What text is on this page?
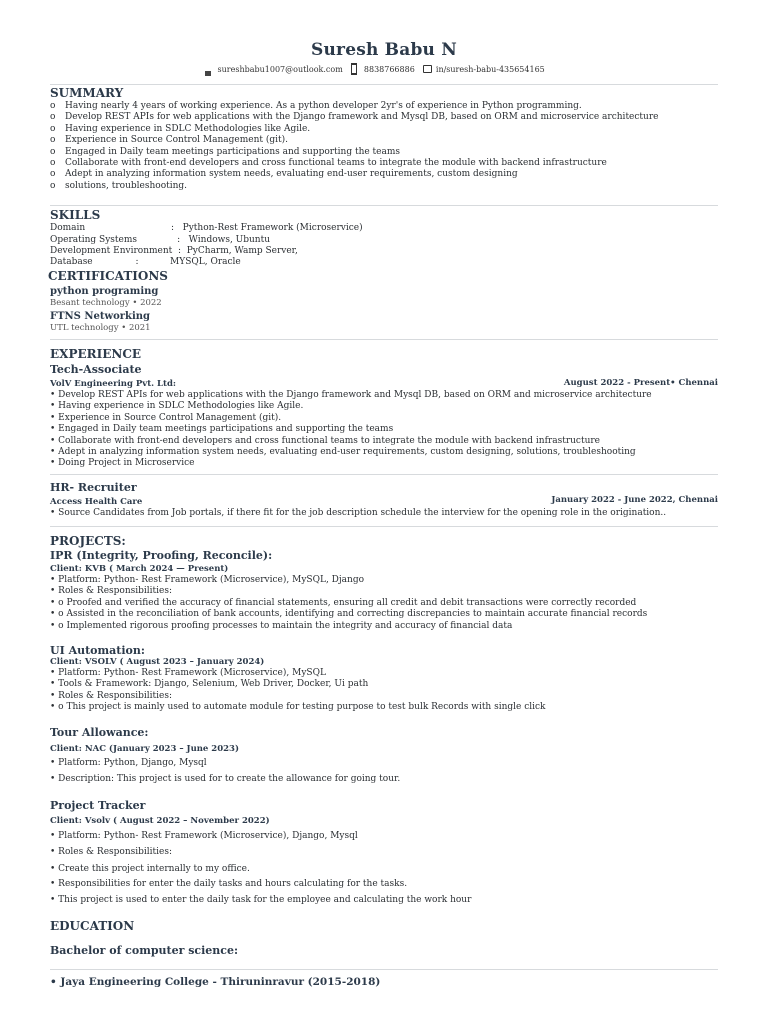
Suresh Babu N
sureshbabu1007@outlook.com	8838766886	in/suresh-babu-435654165
SUMMARY
o Having nearly 4 years of working experience. As a python developer 2yr's of experience in Python programming.
o Develop REST APIs for web applications with the Django framework and Mysql DB, based on ORM and microservice architecture
o Having experience in SDLC Methodologies like Agile.
o Experience in Source Control Management (git).
o Engaged in Daily team meetings participations and supporting the teams
o Collaborate with front-end developers and cross functional teams to integrate the module with backend infrastructure
o Adept in analyzing information system needs, evaluating end-user requirements, custom designing
o solutions, troubleshooting.
SKILLS
Domain                              :   Python-Rest Framework (Microservice)
Operating Systems              :   Windows, Ubuntu
Development Environment  :  PyCharm, Wamp Server,
Database               :           MYSQL, Oracle
CERTIFICATIONS
python programing
Besant technology • 2022
FTNS Networking
UTL technology • 2021
EXPERIENCE
Tech-Associate
VolV Engineering Pvt. Ltd:	August 2022 - Present• Chennai
• Develop REST APIs for web applications with the Django framework and Mysql DB, based on ORM and microservice architecture
• Having experience in SDLC Methodologies like Agile.
• Experience in Source Control Management (git).
• Engaged in Daily team meetings participations and supporting the teams
• Collaborate with front-end developers and cross functional teams to integrate the module with backend infrastructure
• Adept in analyzing information system needs, evaluating end-user requirements, custom designing, solutions, troubleshooting
• Doing Project in Microservice
HR- Recruiter
Access Health Care	January 2022 - June 2022, Chennai
• Source Candidates from Job portals, if there fit for the job description schedule the interview for the opening role in the origination..
PROJECTS:
IPR (Integrity, Proofing, Reconcile):
Client: KVB ( March 2024 — Present)
• Platform: Python- Rest Framework (Microservice), MySQL, Django
• Roles & Responsibilities:
• o Proofed and verified the accuracy of financial statements, ensuring all credit and debit transactions were correctly recorded
• o Assisted in the reconciliation of bank accounts, identifying and correcting discrepancies to maintain accurate financial records
• o Implemented rigorous proofing processes to maintain the integrity and accuracy of financial data
UI Automation:
Client: VSOLV ( August 2023 – January 2024)
• Platform: Python- Rest Framework (Microservice), MySQL
• Tools & Framework: Django, Selenium, Web Driver, Docker, Ui path
• Roles & Responsibilities:
• o This project is mainly used to automate module for testing purpose to test bulk Records with single click
Tour Allowance:
Client: NAC (January 2023 – June 2023)
• Platform: Python, Django, Mysql
• Description: This project is used for to create the allowance for going tour.
Project Tracker
Client: Vsolv ( August 2022 – November 2022)
• Platform: Python- Rest Framework (Microservice), Django, Mysql
• Roles & Responsibilities:
• Create this project internally to my office.
• Responsibilities for enter the daily tasks and hours calculating for the tasks.
• This project is used to enter the daily task for the employee and calculating the work hour
EDUCATION
Bachelor of computer science:
• Jaya Engineering College - Thiruninravur (2015-2018)
